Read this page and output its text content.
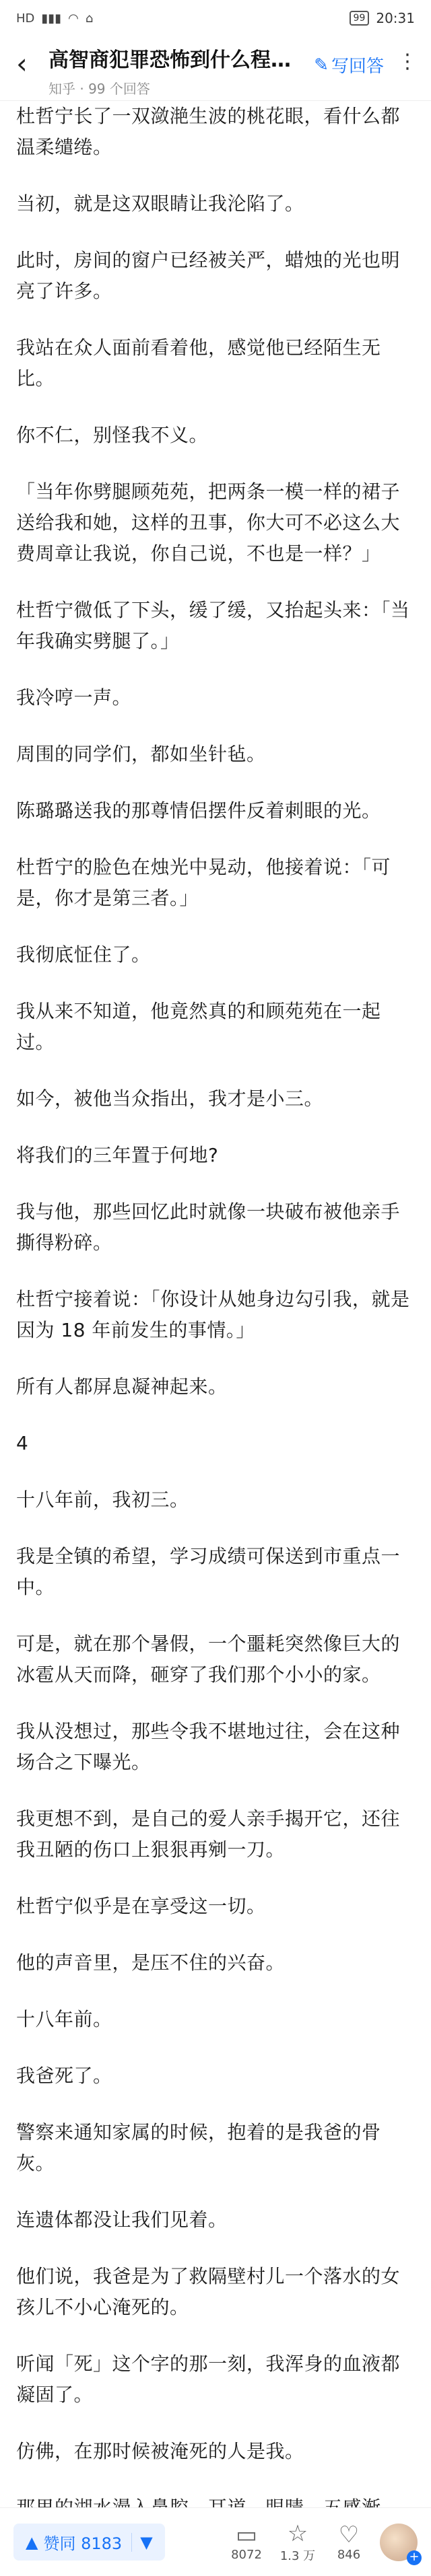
HD ▮▮▮ ◠ ⌂	99 20:31
‹	高智商犯罪恐怖到什么程…
知乎 · 99 个回答
✎ 写回答 ⋮

杜哲宁长了一双潋滟生波的桃花眼，看什么都温柔缱绻。

当初，就是这双眼睛让我沦陷了。

此时，房间的窗户已经被关严，蜡烛的光也明亮了许多。

我站在众人面前看着他，感觉他已经陌生无比。

你不仁，别怪我不义。

「当年你劈腿顾苑苑，把两条一模一样的裙子送给我和她，这样的丑事，你大可不必这么大费周章让我说，你自己说，不也是一样？」

杜哲宁微低了下头，缓了缓，又抬起头来：「当年我确实劈腿了。」

我冷哼一声。

周围的同学们，都如坐针毡。

陈璐璐送我的那尊情侣摆件反着刺眼的光。

杜哲宁的脸色在烛光中晃动，他接着说：「可是，你才是第三者。」

我彻底怔住了。

我从来不知道，他竟然真的和顾苑苑在一起过。

如今，被他当众指出，我才是小三。

将我们的三年置于何地?

我与他，那些回忆此时就像一块破布被他亲手撕得粉碎。

杜哲宁接着说：「你设计从她身边勾引我，就是因为 18 年前发生的事情。」

所有人都屏息凝神起来。

4

十八年前，我初三。

我是全镇的希望，学习成绩可保送到市重点一中。

可是，就在那个暑假，一个噩耗突然像巨大的冰雹从天而降，砸穿了我们那个小小的家。

我从没想过，那些令我不堪地过往，会在这种场合之下曝光。

我更想不到，是自己的爱人亲手揭开它，还往我丑陋的伤口上狠狠再剜一刀。

杜哲宁似乎是在享受这一切。

他的声音里，是压不住的兴奋。

十八年前。

我爸死了。

警察来通知家属的时候，抱着的是我爸的骨灰。

连遗体都没让我们见着。

他们说，我爸是为了救隔壁村儿一个落水的女孩儿不小心淹死的。

听闻「死」这个字的那一刻，我浑身的血液都凝固了。

仿佛，在那时候被淹死的人是我。

▲ 赞同 8183	▼	▭
8072
☆
1.3 万
♡
846	+
